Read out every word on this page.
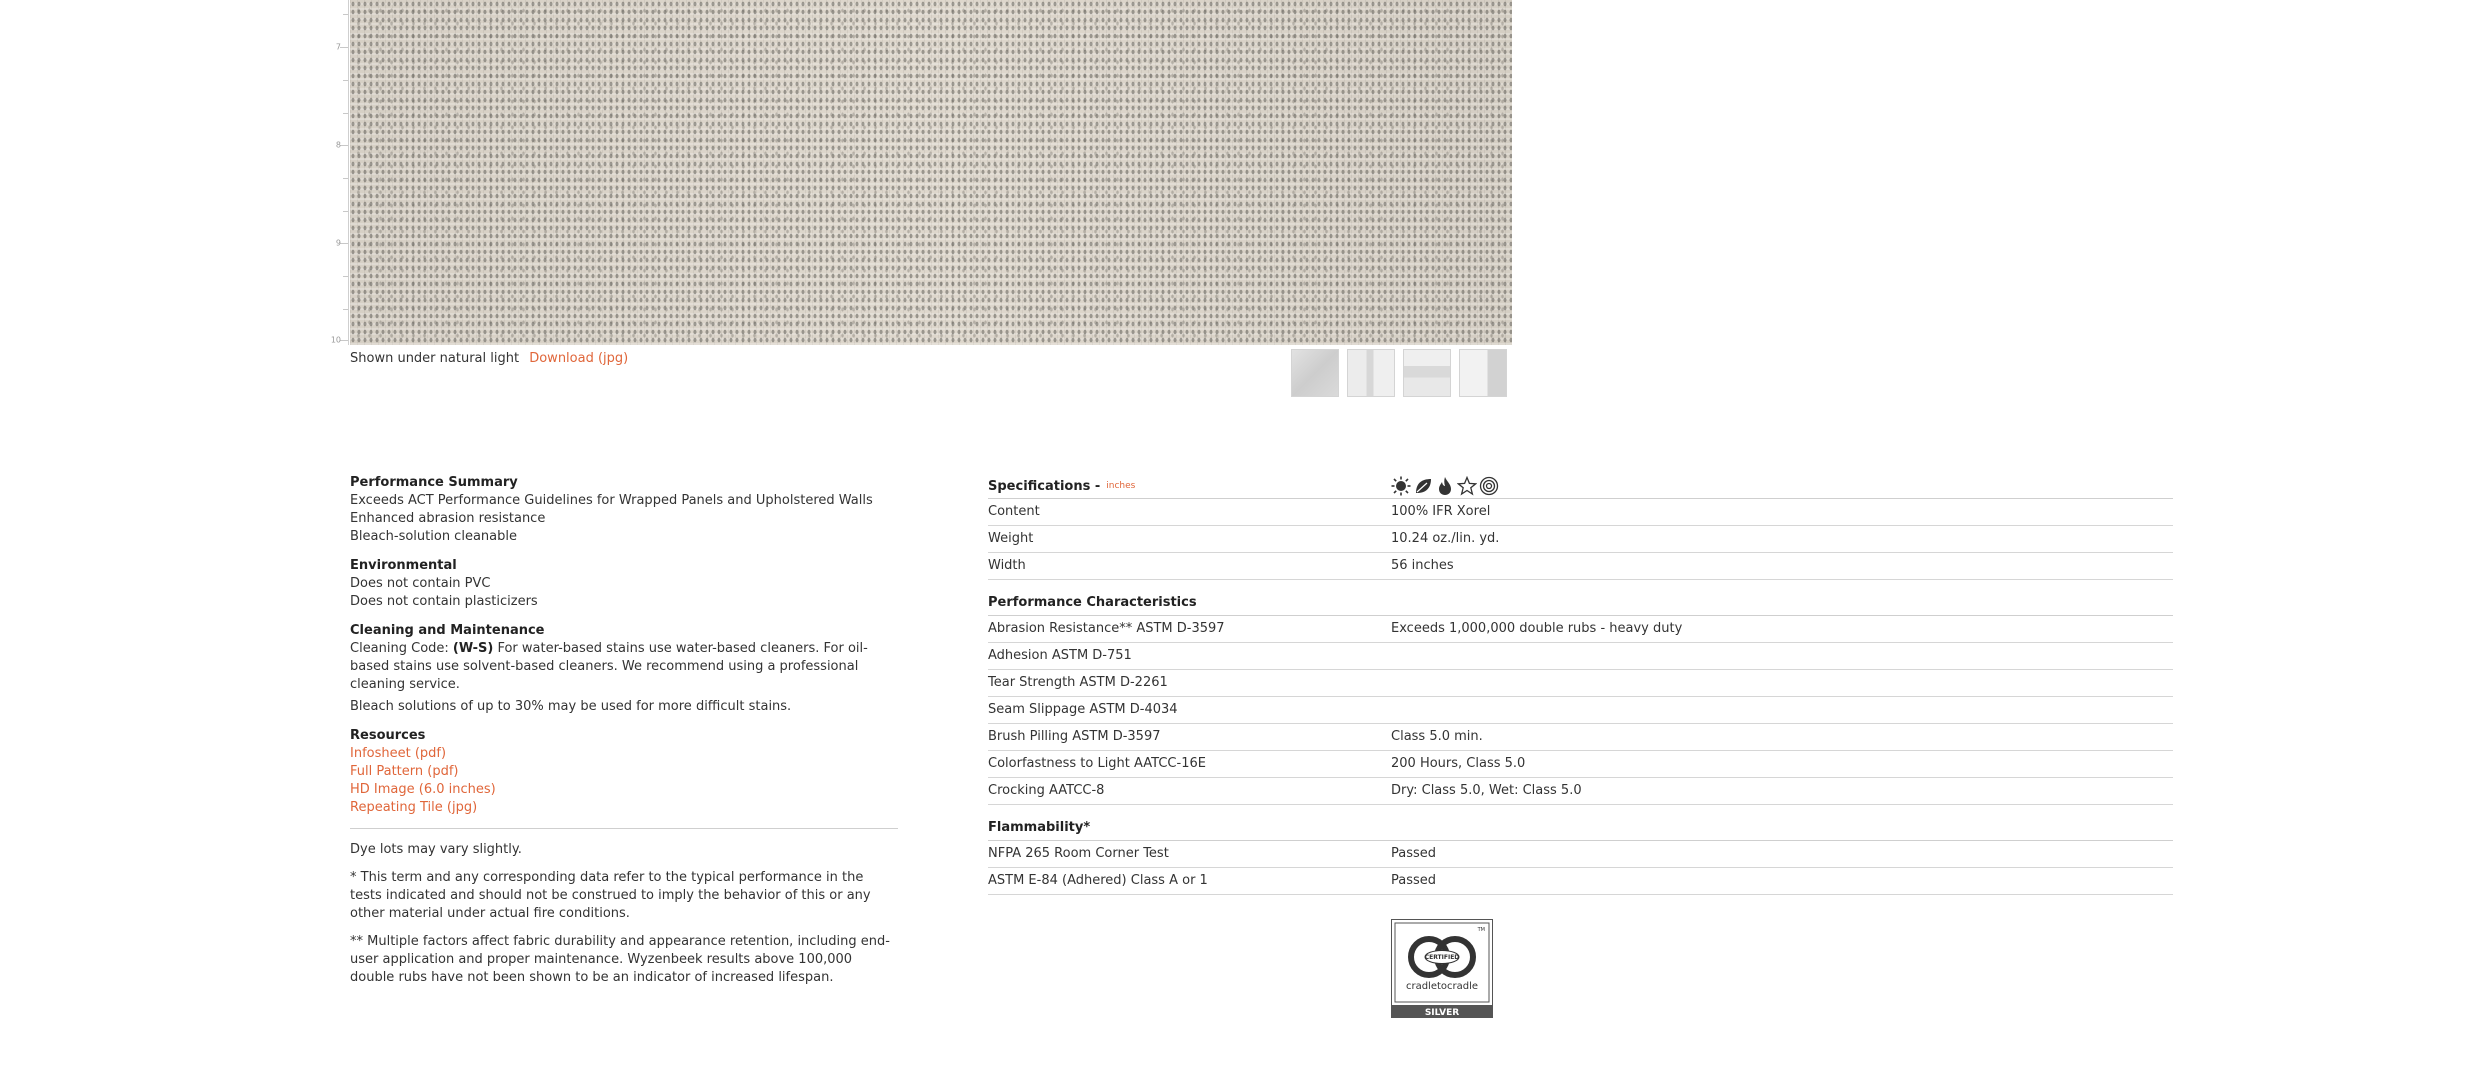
7
8
9
10
Shown under natural light Download (jpg)

Performance Summary

Exceeds ACT Performance Guidelines for Wrapped Panels and Upholstered Walls

Enhanced abrasion resistance

Bleach-solution cleanable

Environmental

Does not contain PVC

Does not contain plasticizers

Cleaning and Maintenance

Cleaning Code: (W-S) For water-based stains use water-based cleaners. For oil-based stains use solvent-based cleaners. We recommend using a professional cleaning service.

Bleach solutions of up to 30% may be used for more difficult stains.

Resources

Infosheet (pdf)

Full Pattern (pdf)

HD Image (6.0 inches)

Repeating Tile (jpg)

Dye lots may vary slightly.

* This term and any corresponding data refer to the typical performance in the tests indicated and should not be construed to imply the behavior of this or any other material under actual fire conditions.

** Multiple factors affect fabric durability and appearance retention, including end-user application and proper maintenance. Wyzenbeek results above 100,000 double rubs have not been shown to be an indicator of increased lifespan.

Specifications - inches
Content	100% IFR Xorel
Weight	10.24 oz./lin. yd.
Width	56 inches
Performance Characteristics
Abrasion Resistance** ASTM D-3597	Exceeds 1,000,000 double rubs - heavy duty
Adhesion ASTM D-751
Tear Strength ASTM D-2261
Seam Slippage ASTM D-4034
Brush Pilling ASTM D-3597	Class 5.0 min.
Colorfastness to Light AATCC-16E	200 Hours, Class 5.0
Crocking AATCC-8	Dry: Class 5.0, Wet: Class 5.0
Flammability*
NFPA 265 Room Corner Test	Passed
ASTM E-84 (Adhered) Class A or 1	Passed
CERTIFIED
cradletocradle
TM
SILVER
